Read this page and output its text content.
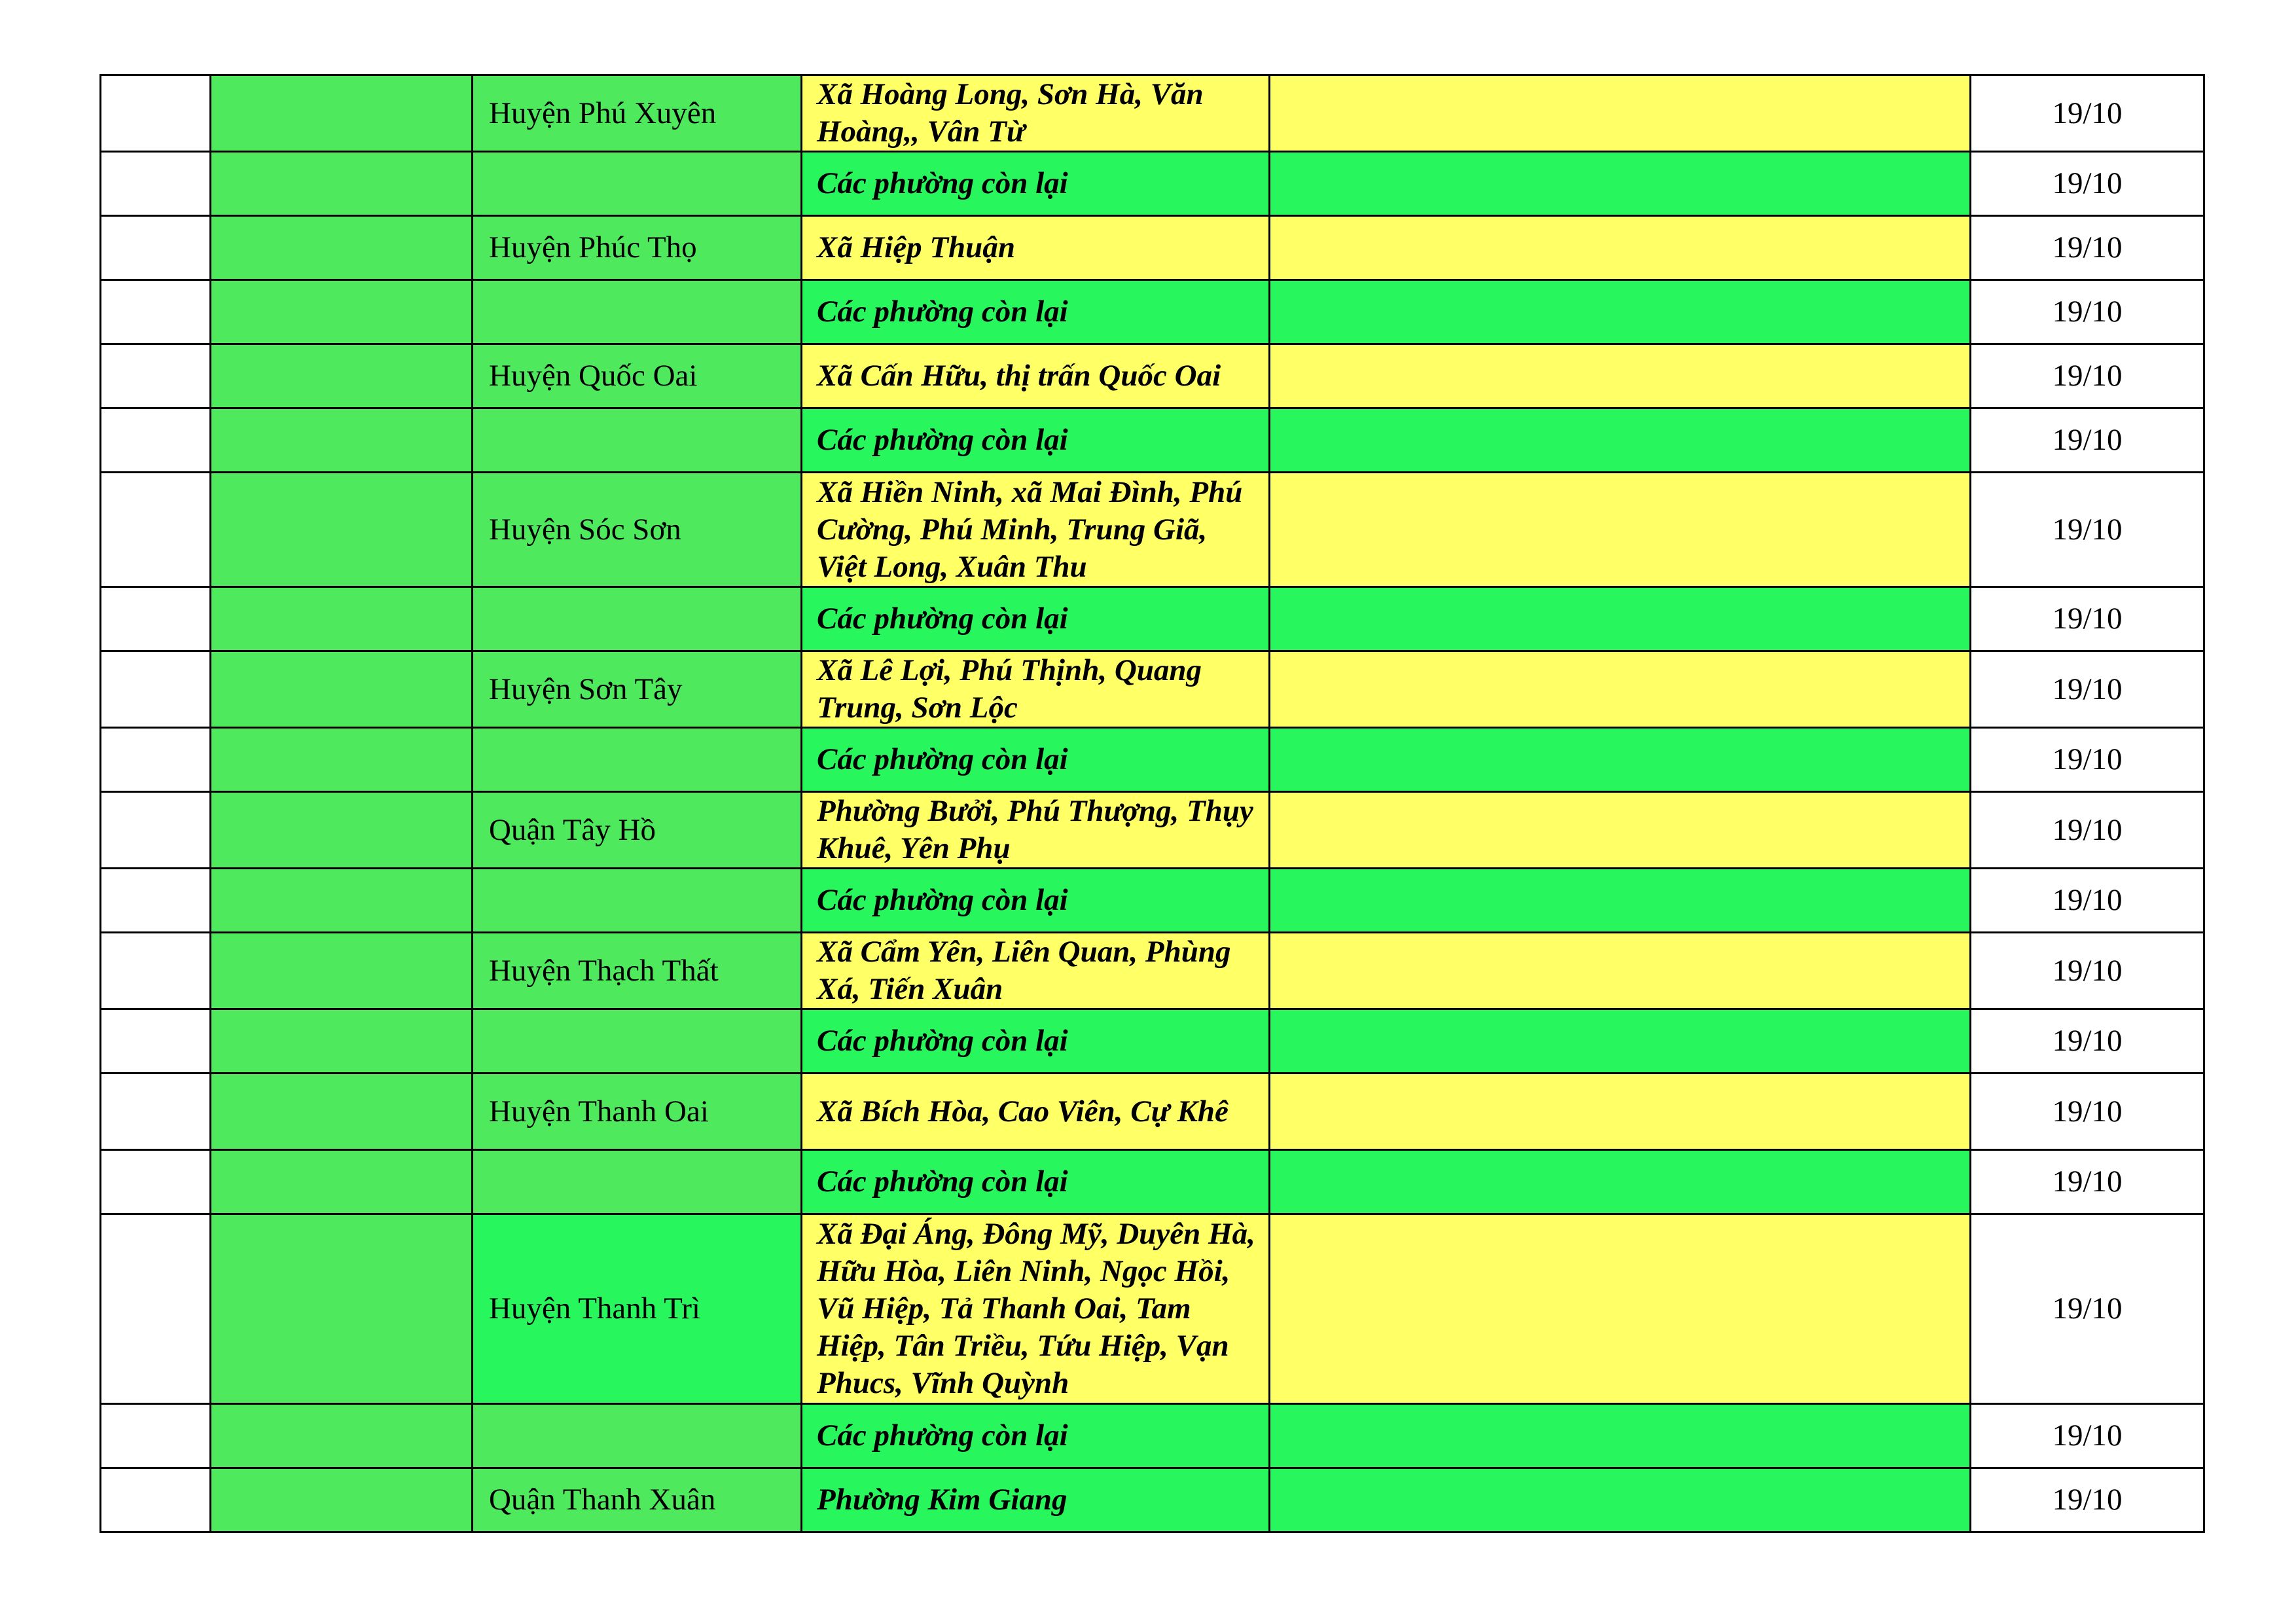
		Huyện Phú Xuyên	Xã Hoàng Long, Sơn Hà, Văn Hoàng,, Vân Từ		19/10
			Các phường còn lại		19/10
		Huyện Phúc Thọ	Xã Hiệp Thuận		19/10
			Các phường còn lại		19/10
		Huyện Quốc Oai	Xã Cấn Hữu, thị trấn Quốc Oai		19/10
			Các phường còn lại		19/10
		Huyện Sóc Sơn	Xã Hiền Ninh, xã Mai Đình, Phú Cường, Phú Minh, Trung Giã, Việt Long, Xuân Thu		19/10
			Các phường còn lại		19/10
		Huyện Sơn Tây	Xã Lê Lợi, Phú Thịnh, Quang Trung, Sơn Lộc		19/10
			Các phường còn lại		19/10
		Quận Tây Hồ	Phường Bưởi, Phú Thượng, Thụy Khuê, Yên Phụ		19/10
			Các phường còn lại		19/10
		Huyện Thạch Thất	Xã Cẩm Yên, Liên Quan, Phùng Xá, Tiến Xuân		19/10
			Các phường còn lại		19/10
		Huyện Thanh Oai	Xã Bích Hòa, Cao Viên, Cự Khê		19/10
			Các phường còn lại		19/10
		Huyện Thanh Trì	Xã Đại Áng, Đông Mỹ, Duyên Hà, Hữu Hòa, Liên Ninh, Ngọc Hồi, Vũ Hiệp, Tả Thanh Oai, Tam Hiệp, Tân Triều, Tứu Hiệp, Vạn Phucs, Vĩnh Quỳnh		19/10
			Các phường còn lại		19/10
		Quận Thanh Xuân	Phường Kim Giang		19/10
